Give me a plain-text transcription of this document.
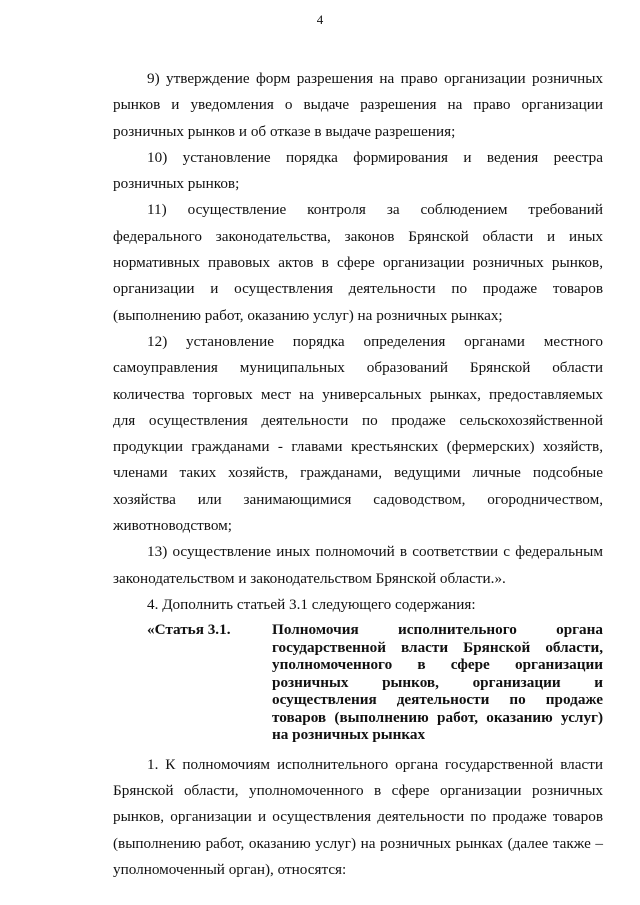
4

9) утверждение форм разрешения на право организации розничных рынков и уведомления о выдаче разрешения на право организации розничных рынков и об отказе в выдаче разрешения;

10) установление порядка формирования и ведения реестра розничных рынков;

11) осуществление контроля за соблюдением требований федерального законодательства, законов Брянской области и иных нормативных правовых актов в сфере организации розничных рынков, организации и осуществления деятельности по продаже товаров (выполнению работ, оказанию услуг) на розничных рынках;

12) установление порядка определения органами местного самоуправления муниципальных образований Брянской области количества торговых мест на универсальных рынках, предоставляемых для осуществления деятельности по продаже сельскохозяйственной продукции гражданами - главами крестьянских (фермерских) хозяйств, членами таких хозяйств, гражданами, ведущими личные подсобные хозяйства или занимающимися садоводством, огородничеством, животноводством;

13) осуществление иных полномочий в соответствии с федеральным законодательством и законодательством Брянской области.».

4. Дополнить статьей 3.1 следующего содержания:

«Статья 3.1.	Полномочия исполнительного органа государственной власти Брянской области, уполномоченного в сфере организации розничных рынков, организации и осуществления деятельности по продаже товаров (выполнению работ, оказанию услуг) на розничных рынках

1. К полномочиям исполнительного органа государственной власти Брянской области, уполномоченного в сфере организации розничных рынков, организации и осуществления деятельности по продаже товаров (выполнению работ, оказанию услуг) на розничных рынках (далее также – уполномоченный орган), относятся:
